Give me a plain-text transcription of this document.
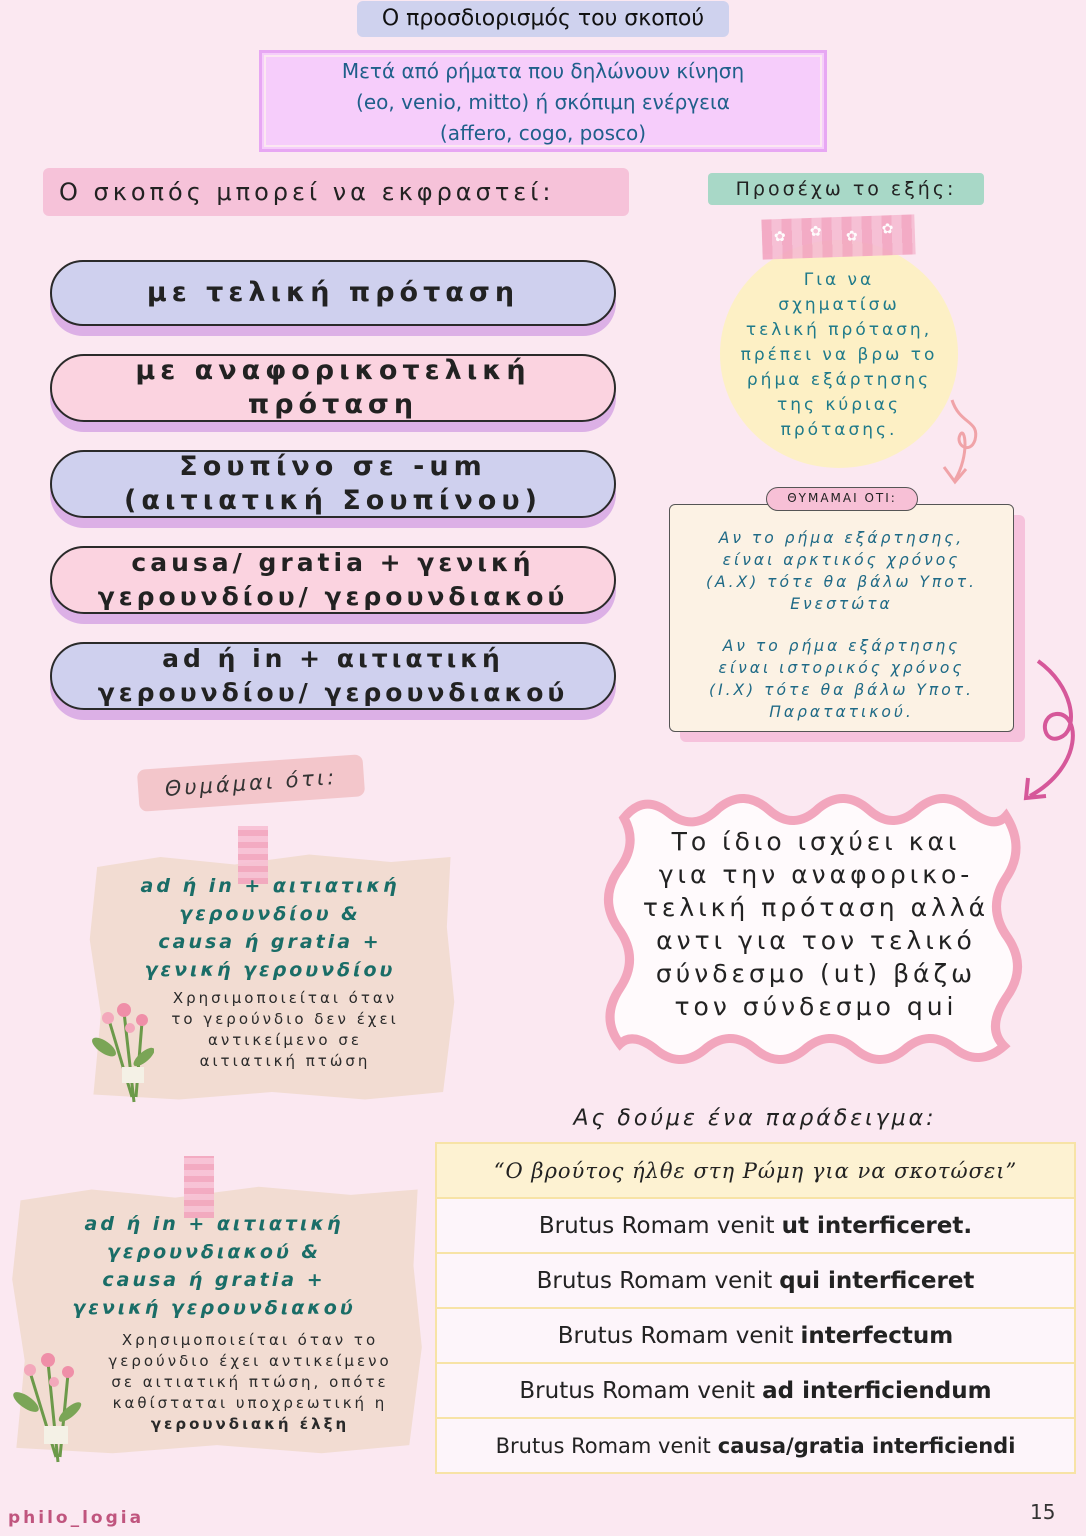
Ο προσδιορισμός του σκοπού
Μετά από ρήματα που δηλώνουν κίνηση
(eo, venio, mitto) ή σκόπιμη ενέργεια
(affero, cogo, posco)
Ο σκοπός μπορεί να εκφραστεί:	Προσέχω το εξής:
με τελική πρόταση
με αναφορικοτελική
πρόταση
Σουπίνο σε -um
(αιτιατική Σουπίνου)
causa/ gratia + γενική
γερουνδίου/ γερουνδιακού
ad ή in + αιτιατική
γερουνδίου/ γερουνδιακού
Για να
σχηματίσω
τελική πρόταση,
πρέπει να βρω το
ρήμα εξάρτησης
της κύριας
πρότασης.
✿ ✿ ✿ ✿
Αν το ρήμα εξάρτησης,
είναι αρκτικός χρόνος
(Α.Χ) τότε θα βάλω Υποτ.
Ενεστώτα
Αν το ρήμα εξάρτησης
είναι ιστορικός χρόνος
(Ι.Χ) τότε θα βάλω Υποτ.
Παρατατικού.
ΘΥΜΑΜΑΙ ΟΤΙ:
Το ίδιο ισχύει και
για την αναφορικο-
τελική πρόταση αλλά
αντι για τον τελικό
σύνδεσμο (ut) βάζω
τον σύνδεσμο qui
Θυμάμαι ότι:
ad ή in + αιτιατική
γερουνδίου &
causa ή gratia +
γενική γερουνδίου
Χρησιμοποιείται όταν
το γερούνδιο δεν έχει
αντικείμενο σε
αιτιατική πτώση
ad ή in + αιτιατική
γερουνδιακού &
causa ή gratia +
γενική γερουνδιακού
Χρησιμοποιείται όταν το
γερούνδιο έχει αντικείμενο
σε αιτιατική πτώση, οπότε
καθίσταται υποχρεωτική η
γερουνδιακή έλξη
Ας δούμε ένα παράδειγμα:
“Ο βρούτος ήλθε στη Ρώμη για να σκοτώσει”
Brutus Romam venit ut interficeret.
Brutus Romam venit qui interficeret
Brutus Romam venit interfectum
Brutus Romam venit ad interficiendum
Brutus Romam venit causa/gratia interficiendi
philo_logia	15
